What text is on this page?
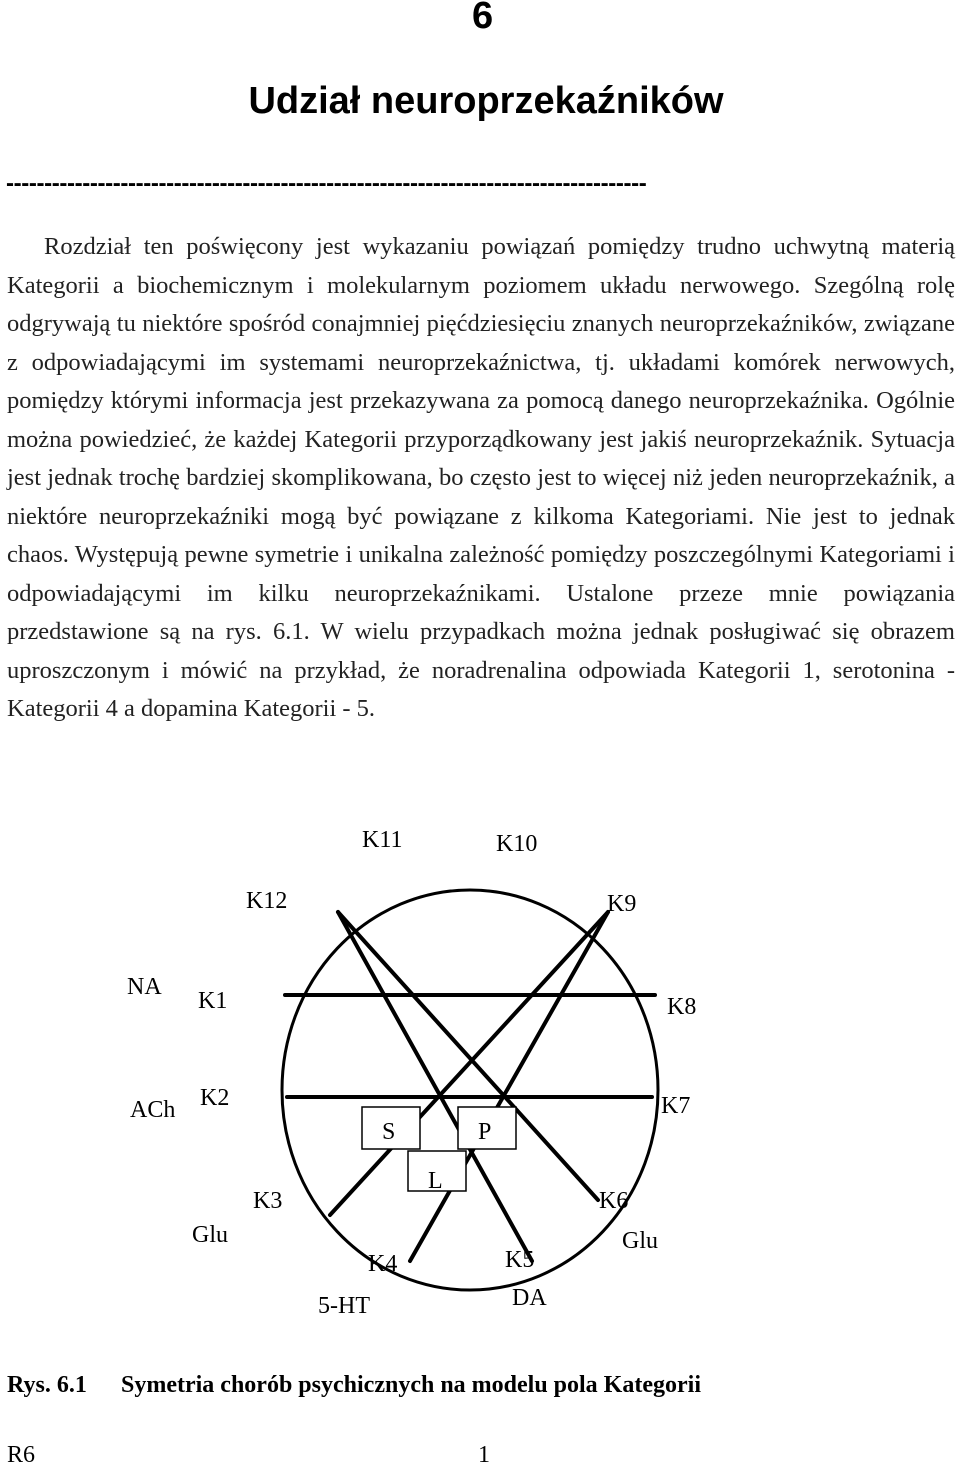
6
Udział neuroprzekaźników
------------------------------------------------------------------------------------

Rozdział ten poświęcony jest wykazaniu powiązań pomiędzy trudno uchwytną materią Kategorii a biochemicznym i molekularnym poziomem układu nerwowego. Szególną rolę odgrywają tu niektóre spośród conajmniej pięćdziesięciu znanych neuroprzekaźników, związane z odpowiadającymi im systemami neuroprzekaźnictwa, tj. układami komórek nerwowych, pomiędzy którymi informacja jest przekazywana za pomocą danego neuroprzekaźnika. Ogólnie można powiedzieć, że każdej Kategorii przyporządkowany jest jakiś neuroprzekaźnik. Sytuacja jest jednak trochę bardziej skomplikowana, bo często jest to więcej niż jeden neuroprzekaźnik, a niektóre neuroprzekaźniki mogą być powiązane z kilkoma Kategoriami. Nie jest to jednak chaos. Występują pewne symetrie i unikalna zależność pomiędzy poszczególnymi Kategoriami i odpowiadającymi im kilku neuroprzekaźnikami. Ustalone przeze mnie powiązania przedstawione są na rys. 6.1. W wielu przypadkach można jednak posługiwać się obrazem uproszczonym i mówić na przykład, że noradrenalina odpowiada Kategorii 1, serotonina - Kategorii 4 a dopamina Kategorii - 5.

K11	K10
K12	K9
NA
K1	K8
K2
ACh	K7
S	P
L
K3	K6
Glu	Glu
K4	K5
DA
5-HT

Rys. 6.1 Symetria chorób psychicznych na modelu pola Kategorii

R6	1
